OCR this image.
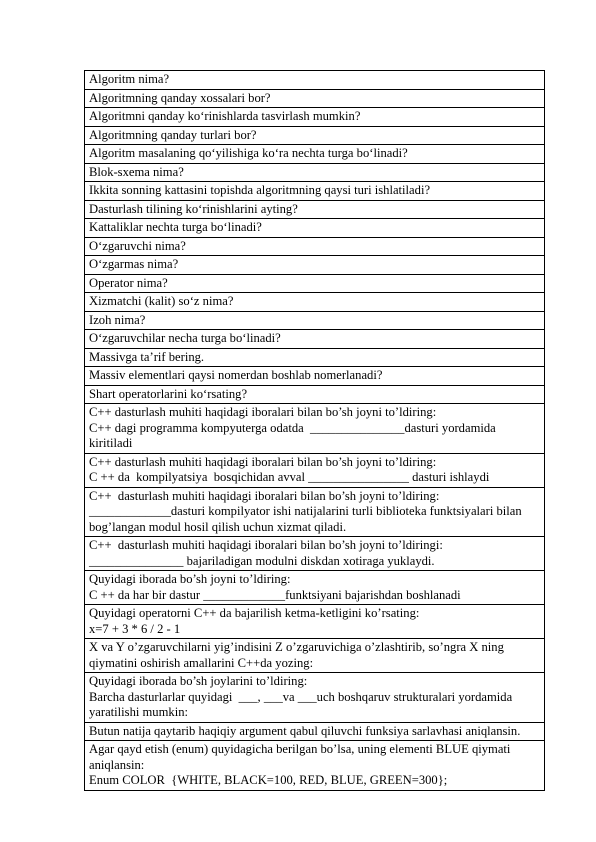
Algoritm nima?
Algoritmning qanday xossalari bor?
Algoritmni qanday koʻrinishlarda tasvirlash mumkin?
Algoritmning qanday turlari bor?
Algoritm masalaning qoʻyilishiga koʻra nechta turga boʻlinadi?
Blok-sxema nima?
Ikkita sonning kattasini topishda algoritmning qaysi turi ishlatiladi?
Dasturlash tilining koʻrinishlarini ayting?
Kattaliklar nechta turga boʻlinadi?
Oʻzgaruvchi nima?
Oʻzgarmas nima?
Operator nima?
Xizmatchi (kalit) soʻz nima?
Izoh nima?
Oʻzgaruvchilar necha turga boʻlinadi?
Massivga taʼrif bering.
Massiv elementlari qaysi nomerdan boshlab nomerlanadi?
Shart operatorlarini koʻrsating?
C++ dasturlash muhiti haqidagi iboralari bilan bo’sh joyni to’ldiring:
C++ dagi programma kompyuterga odatda  _______________dasturi yordamida kiritiladi
C++ dasturlash muhiti haqidagi iboralari bilan bo’sh joyni to’ldiring:
C ++ da  kompilyatsiya  bosqichidan avval ________________ dasturi ishlaydi
C++  dasturlash muhiti haqidagi iboralari bilan bo’sh joyni to’ldiring:
_____________dasturi kompilyator ishi natijalarini turli biblioteka funktsiyalari bilan bog’langan modul hosil qilish uchun xizmat qiladi.
C++  dasturlash muhiti haqidagi iboralari bilan bo’sh joyni to’ldiringi:
_______________ bajariladigan modulni diskdan xotiraga yuklaydi.
Quyidagi iborada bo’sh joyni to’ldiring:
C ++ da har bir dastur _____________funktsiyani bajarishdan boshlanadi
Quyidagi operatorni C++ da bajarilish ketma-ketligini ko’rsating:
x=7 + 3 * 6 / 2 - 1
X va Y o’zgaruvchilarni yig’indisini Z o’zgaruvichiga o’zlashtirib, so’ngra X ning qiymatini oshirish amallarini C++da yozing:
Quyidagi iborada bo’sh joylarini to’ldiring:
Barcha dasturlarlar quyidagi  ___, ___va ___uch boshqaruv strukturalari yordamida yaratilishi mumkin:
Butun natija qaytarib haqiqiy argument qabul qiluvchi funksiya sarlavhasi aniqlansin.
Agar qayd etish (enum) quyidagicha berilgan bo’lsa, uning elementi BLUE qiymati aniqlansin:
Enum COLOR  {WHITE, BLACK=100, RED, BLUE, GREEN=300};
